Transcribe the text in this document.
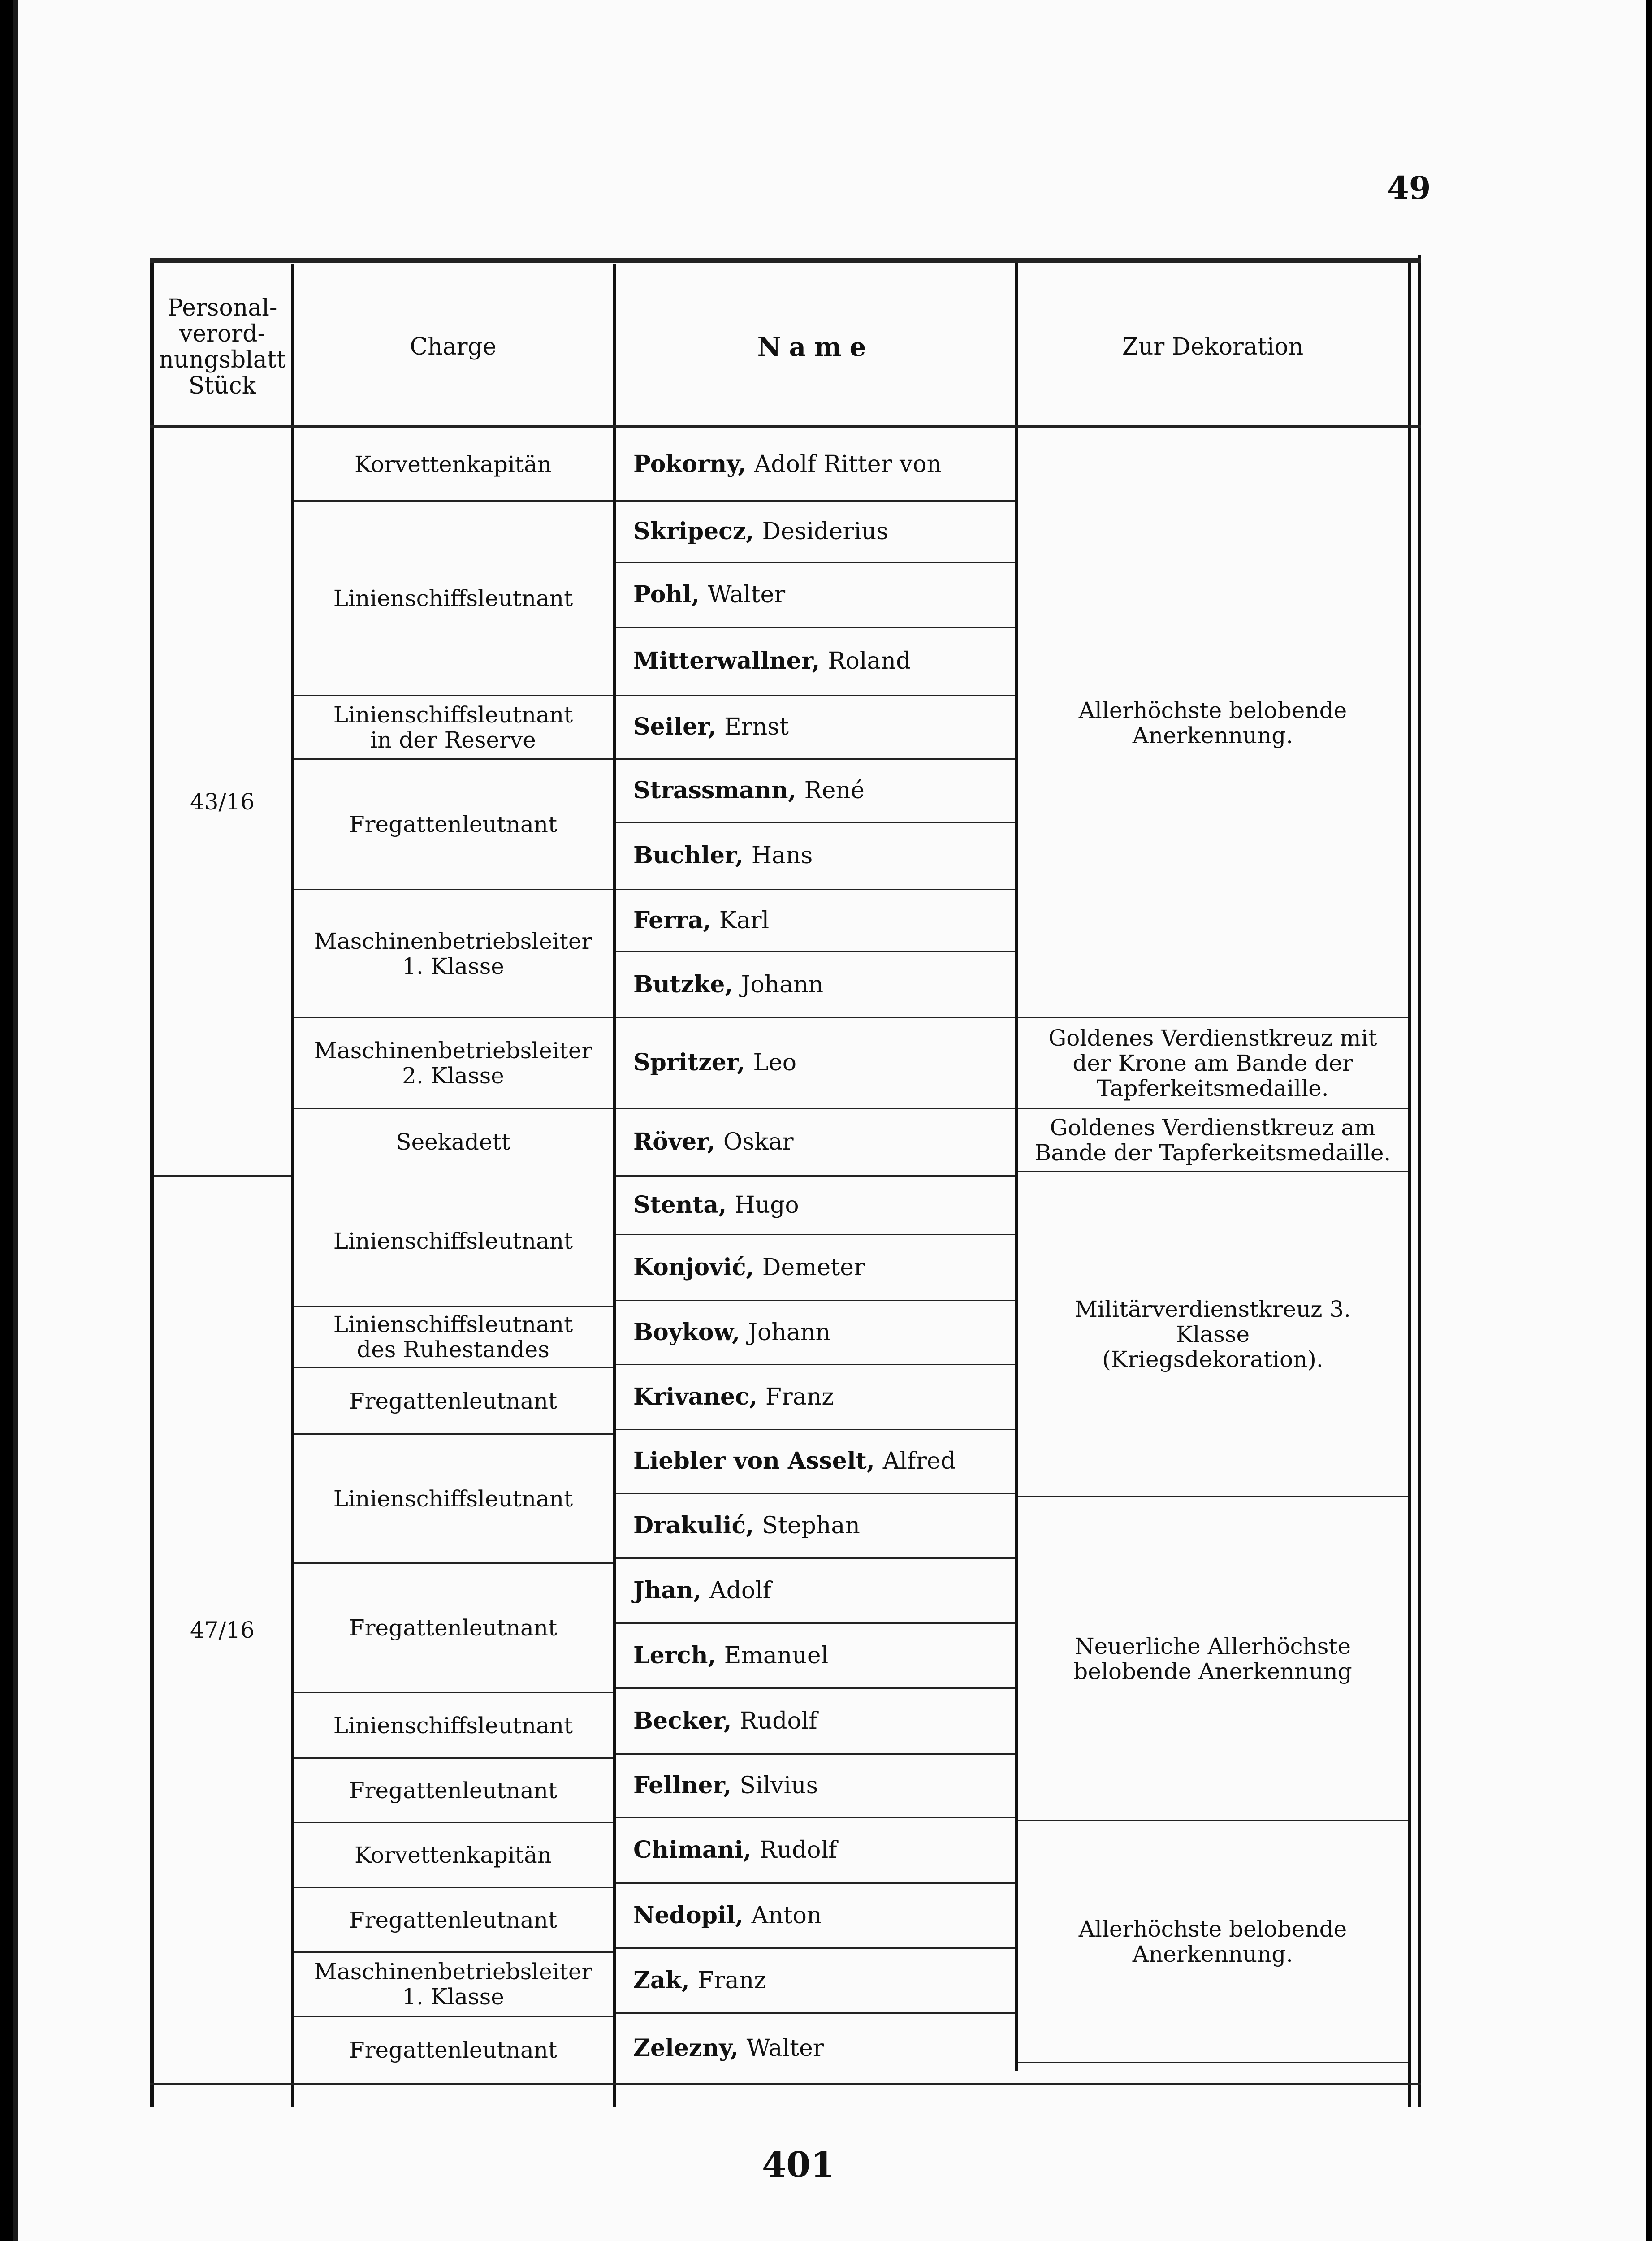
49
Personal-verord-nungsblatt Stück
Charge	Name	Zur Dekoration
43/16
47/16
Korvettenkapitän
Linienschiffsleutnant
Linienschiffsleutnant in der Reserve
Fregattenleutnant
Maschinenbetriebsleiter 1. Klasse
Maschinenbetriebsleiter 2. Klasse
Seekadett
Linienschiffsleutnant
Linienschiffsleutnant des Ruhestandes
Fregattenleutnant
Linienschiffsleutnant
Fregattenleutnant
Linienschiffsleutnant
Fregattenleutnant
Korvettenkapitän
Fregattenleutnant
Maschinenbetriebsleiter 1. Klasse
Fregattenleutnant
Pokorny, Adolf Ritter von
Skripecz, Desiderius
Pohl, Walter
Mitterwallner, Roland
Seiler, Ernst
Strassmann, René
Buchler, Hans
Ferra, Karl
Butzke, Johann
Spritzer, Leo
Röver, Oskar
Stenta, Hugo
Konjović, Demeter
Boykow, Johann
Krivanec, Franz
Liebler von Asselt, Alfred
Drakulić, Stephan
Jhan, Adolf
Lerch, Emanuel
Becker, Rudolf
Fellner, Silvius
Chimani, Rudolf
Nedopil, Anton
Zak, Franz
Zelezny, Walter
Allerhöchste belobende Anerkennung.
Goldenes Verdienstkreuz mit der Krone am Bande der Tapferkeitsmedaille.
Goldenes Verdienstkreuz am Bande der Tapferkeitsmedaille.
Militärverdienstkreuz 3. Klasse (Kriegsdekoration).
Neuerliche Allerhöchste belobende Anerkennung
Allerhöchste belobende Anerkennung.
401
